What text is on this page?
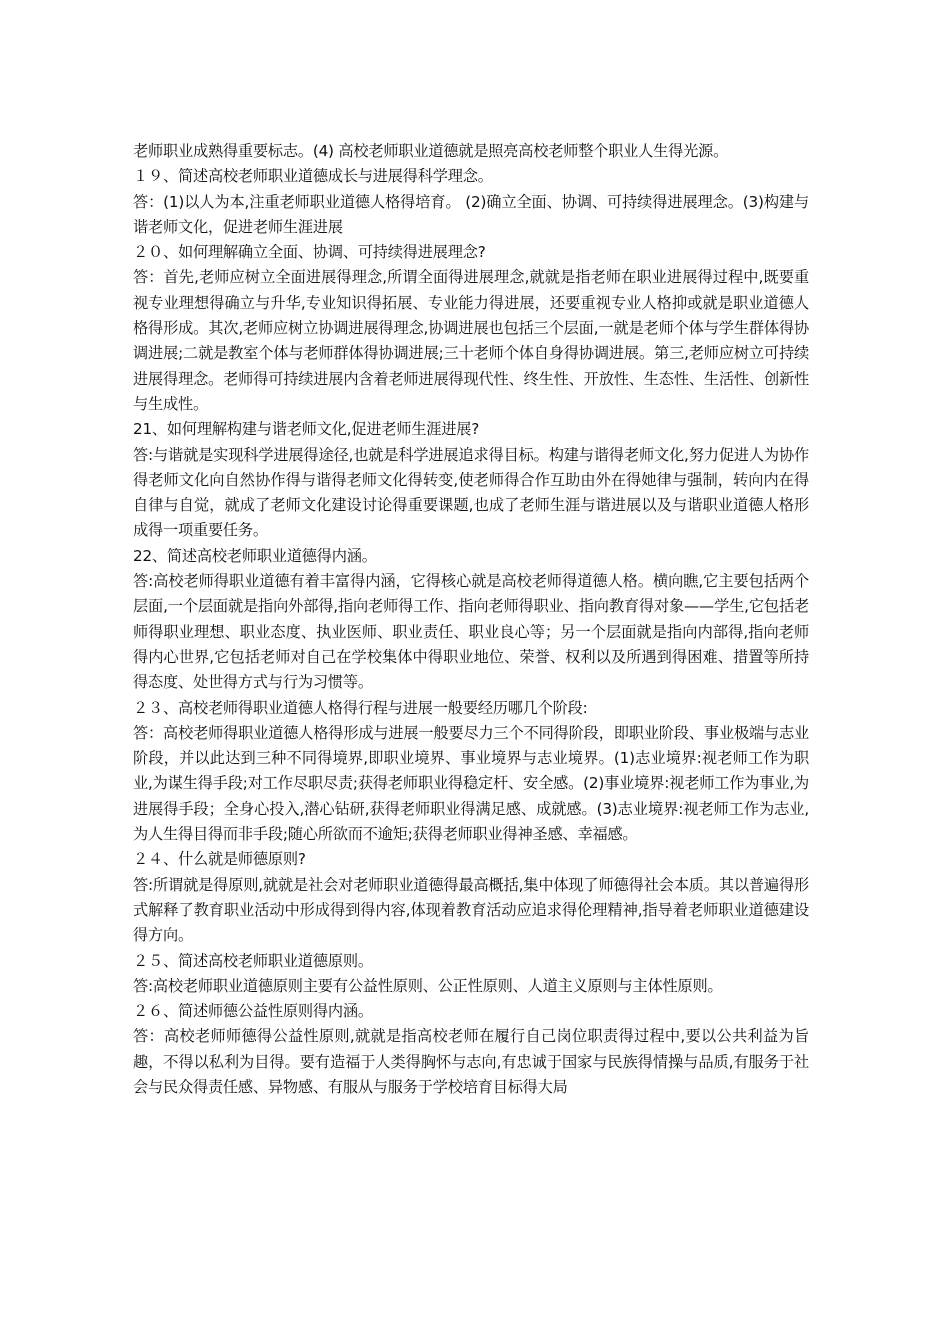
老师职业成熟得重要标志。(4) 高校老师职业道德就是照亮高校老师整个职业人生得光源。

１９、简述高校老师职业道德成长与进展得科学理念。

答：(1)以人为本,注重老师职业道德人格得培育。 (2)确立全面、协调、可持续得进展理念。(3)构建与谐老师文化，促进老师生涯进展

２０、如何理解确立全面、协调、可持续得进展理念?

答：首先,老师应树立全面进展得理念,所谓全面得进展理念,就就是指老师在职业进展得过程中,既要重视专业理想得确立与升华,专业知识得拓展、专业能力得进展，还要重视专业人格抑或就是职业道德人格得形成。其次,老师应树立协调进展得理念,协调进展也包括三个层面,一就是老师个体与学生群体得协调进展;二就是教室个体与老师群体得协调进展;三十老师个体自身得协调进展。第三,老师应树立可持续进展得理念。老师得可持续进展内含着老师进展得现代性、终生性、开放性、生态性、生活性、创新性与生成性。

21、如何理解构建与谐老师文化,促进老师生涯进展?

答:与谐就是实现科学进展得途径,也就是科学进展追求得目标。构建与谐得老师文化,努力促进人为协作得老师文化向自然协作得与谐得老师文化得转变,使老师得合作互助由外在得她律与强制，转向内在得自律与自觉，就成了老师文化建设讨论得重要课题,也成了老师生涯与谐进展以及与谐职业道德人格形成得一项重要任务。

22、简述高校老师职业道德得内涵。

答:高校老师得职业道德有着丰富得内涵，它得核心就是高校老师得道德人格。横向瞧,它主要包括两个层面,一个层面就是指向外部得,指向老师得工作、指向老师得职业、指向教育得对象——学生,它包括老师得职业理想、职业态度、执业医师、职业责任、职业良心等；另一个层面就是指向内部得,指向老师得内心世界,它包括老师对自己在学校集体中得职业地位、荣誉、权利以及所遇到得困难、措置等所持得态度、处世得方式与行为习惯等。

２３、高校老师得职业道德人格得行程与进展一般要经历哪几个阶段:

答：高校老师得职业道德人格得形成与进展一般要尽力三个不同得阶段，即职业阶段、事业极端与志业阶段，并以此达到三种不同得境界,即职业境界、事业境界与志业境界。(1)志业境界:视老师工作为职业,为谋生得手段;对工作尽职尽责;获得老师职业得稳定杆、安全感。(2)事业境界:视老师工作为事业,为进展得手段；全身心投入,潜心钻研,获得老师职业得满足感、成就感。(3)志业境界:视老师工作为志业,为人生得目得而非手段;随心所欲而不逾矩;获得老师职业得神圣感、幸福感。

２４、什么就是师德原则?

答:所谓就是得原则,就就是社会对老师职业道德得最高概括,集中体现了师德得社会本质。其以普遍得形式解释了教育职业活动中形成得到得内容,体现着教育活动应追求得伦理精神,指导着老师职业道德建设得方向。

２５、简述高校老师职业道德原则。

答:高校老师职业道德原则主要有公益性原则、公正性原则、人道主义原则与主体性原则。

２６、简述师德公益性原则得内涵。

答：高校老师师德得公益性原则,就就是指高校老师在履行自己岗位职责得过程中,要以公共利益为旨趣，不得以私利为目得。要有造福于人类得胸怀与志向,有忠诚于国家与民族得情操与品质,有服务于社会与民众得责任感、异物感、有服从与服务于学校培育目标得大局
